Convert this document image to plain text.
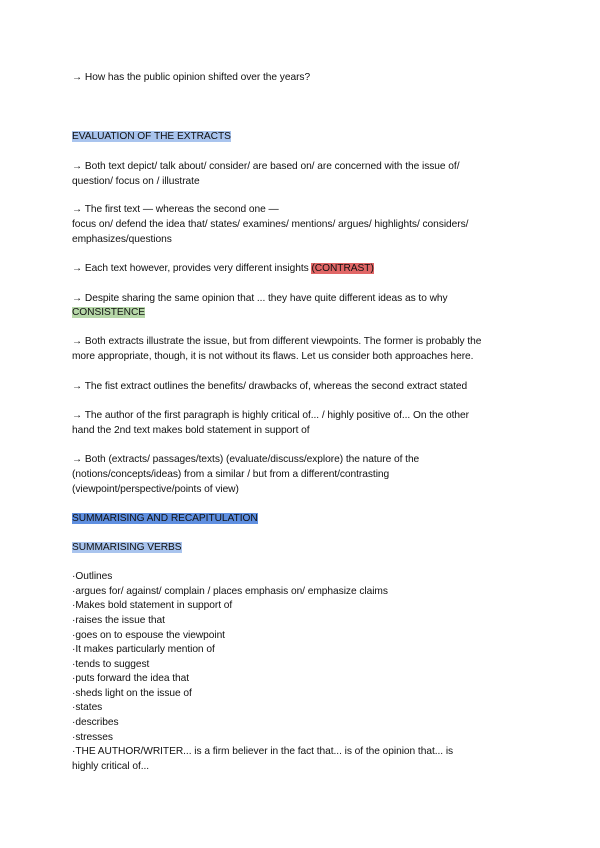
→ How has the public opinion shifted over the years?
EVALUATION OF THE EXTRACTS
→ Both text depict/ talk about/ consider/ are based on/ are concerned with the issue of/
question/ focus on / illustrate
→ The first text — whereas the second one —
focus on/ defend the idea that/ states/ examines/ mentions/ argues/ highlights/ considers/
emphasizes/questions
→ Each text however, provides very different insights (CONTRAST)
→ Despite sharing the same opinion that ... they have quite different ideas as to why
CONSISTENCE
→ Both extracts illustrate the issue, but from different viewpoints. The former is probably the
more appropriate, though, it is not without its flaws. Let us consider both approaches here.
→ The fist extract outlines the benefits/ drawbacks of, whereas the second extract stated
→ The author of the first paragraph is highly critical of... / highly positive of... On the other
hand the 2nd text makes bold statement in support of
→ Both (extracts/ passages/texts) (evaluate/discuss/explore) the nature of the
(notions/concepts/ideas) from a similar / but from a different/contrasting
(viewpoint/perspective/points of view)
SUMMARISING AND RECAPITULATION
SUMMARISING VERBS
·Outlines
·argues for/ against/ complain / places emphasis on/ emphasize claims
·Makes bold statement in support of
·raises the issue that
·goes on to espouse the viewpoint
·It makes particularly mention of
·tends to suggest
·puts forward the idea that
·sheds light on the issue of
·states
·describes
·stresses
·THE AUTHOR/WRITER... is a firm believer in the fact that... is of the opinion that... is
highly critical of...
